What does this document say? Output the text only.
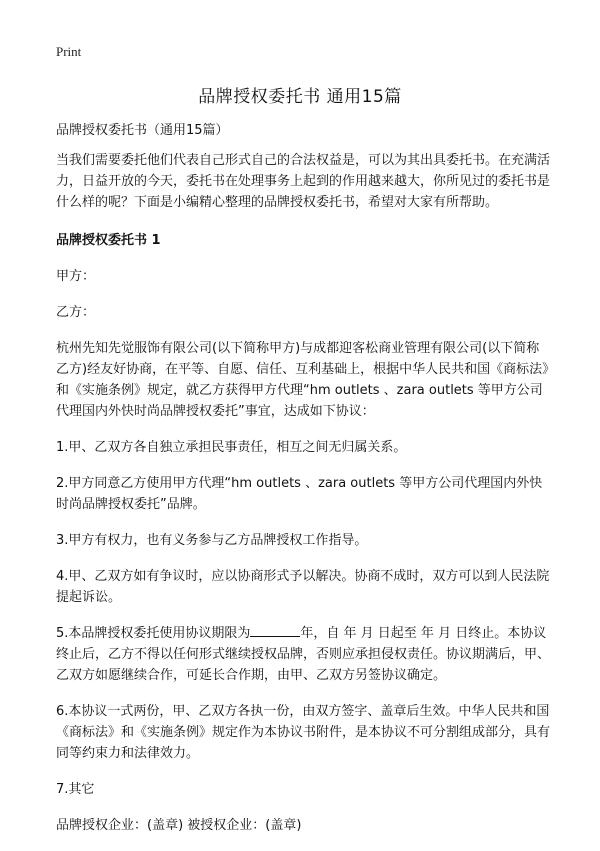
Print
品牌授权委托书 通用15篇

品牌授权委托书（通用15篇）

当我们需要委托他们代表自己形式自己的合法权益是，可以为其出具委托书。在充满活力，日益开放的今天，委托书在处理事务上起到的作用越来越大，你所见过的委托书是什么样的呢？下面是小编精心整理的品牌授权委托书，希望对大家有所帮助。

品牌授权委托书 1

甲方：

乙方：

杭州先知先觉服饰有限公司(以下简称甲方)与成都迎客松商业管理有限公司(以下简称乙方)经友好协商，在平等、自愿、信任、互利基础上，根据中华人民共和国《商标法》和《实施条例》规定，就乙方获得甲方代理“hm outlets 、zara outlets 等甲方公司代理国内外快时尚品牌授权委托”事宜，达成如下协议：

1.甲、乙双方各自独立承担民事责任，相互之间无归属关系。

2.甲方同意乙方使用甲方代理“hm outlets 、zara outlets 等甲方公司代理国内外快时尚品牌授权委托”品牌。

3.甲方有权力，也有义务参与乙方品牌授权工作指导。

4.甲、乙双方如有争议时，应以协商形式予以解决。协商不成时，双方可以到人民法院提起诉讼。

5.本品牌授权委托使用协议期限为	年，自 年 月 日起至 年 月 日终止。本协议终止后，乙方不得以任何形式继续授权品牌，否则应承担侵权责任。协议期满后，甲、乙双方如愿继续合作，可延长合作期，由甲、乙双方另签协议确定。

6.本协议一式两份，甲、乙双方各执一份，由双方签字、盖章后生效。中华人民共和国《商标法》和《实施条例》规定作为本协议书附件，是本协议不可分割组成部分，具有同等约束力和法律效力。

7.其它

品牌授权企业：(盖章) 被授权企业：(盖章)
